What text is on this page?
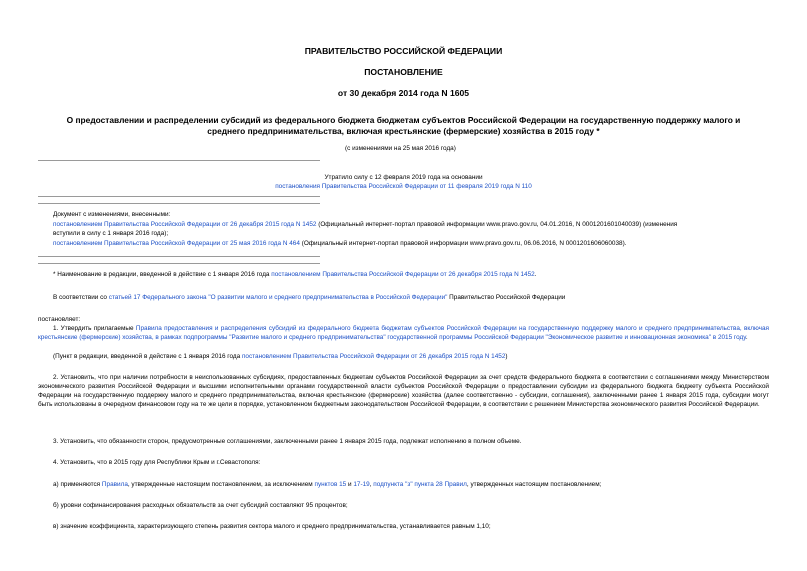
ПРАВИТЕЛЬСТВО РОССИЙСКОЙ ФЕДЕРАЦИИ
ПОСТАНОВЛЕНИЕ
от 30 декабря 2014 года N 1605
О предоставлении и распределении субсидий из федерального бюджета бюджетам субъектов Российской Федерации на государственную поддержку малого и
среднего предпринимательства, включая крестьянские (фермерские) хозяйства в 2015 году *
(с изменениями на 25 мая 2016 года)
Утратило силу с 12 февраля 2019 года на основании
постановления Правительства Российской Федерации от 11 февраля 2019 года N 110
Документ с изменениями, внесенными:
постановлением Правительства Российской Федерации от 26 декабря 2015 года N 1452 (Официальный интернет-портал правовой информации www.pravo.gov.ru, 04.01.2016, N 0001201601040039) (изменения
вступили в силу с 1 января 2016 года);
постановлением Правительства Российской Федерации от 25 мая 2016 года N 464 (Официальный интернет-портал правовой информации www.pravo.gov.ru, 06.06.2016, N 0001201606060038).
* Наименование в редакции, введенной в действие с 1 января 2016 года постановлением Правительства Российской Федерации от 26 декабря 2015 года N 1452.
В соответствии со статьей 17 Федерального закона "О развитии малого и среднего предпринимательства в Российской Федерации" Правительство Российской Федерации
постановляет:
1. Утвердить прилагаемые Правила предоставления и распределения субсидий из федерального бюджета бюджетам субъектов Российской Федерации на государственную поддержку малого и среднего предпринимательства, включая крестьянские (фермерские) хозяйства, в рамках подпрограммы "Развитие малого и среднего предпринимательства" государственной программы Российской Федерации "Экономическое развитие и инновационная экономика" в 2015 году.
(Пункт в редакции, введенной в действие с 1 января 2016 года постановлением Правительства Российской Федерации от 26 декабря 2015 года N 1452)
2. Установить, что при наличии потребности в неиспользованных субсидиях, предоставленных бюджетам субъектов Российской Федерации за счет средств федерального бюджета в соответствии с соглашениями между Министерством экономического развития Российской Федерации и высшими исполнительными органами государственной власти субъектов Российской Федерации о предоставлении субсидии из федерального бюджета бюджету субъекта Российской Федерации на государственную поддержку малого и среднего предпринимательства, включая крестьянские (фермерские) хозяйства (далее соответственно - субсидии, соглашения), заключенными ранее 1 января 2015 года, субсидии могут быть использованы в очередном финансовом году на те же цели в порядке, установленном бюджетным законодательством Российской Федерации, в соответствии с решением Министерства экономического развития Российской Федерации.
3. Установить, что обязанности сторон, предусмотренные соглашениями, заключенными ранее 1 января 2015 года, подлежат исполнению в полном объеме.
4. Установить, что в 2015 году для Республики Крым и г.Севастополя:
а) применяются Правила, утвержденные настоящим постановлением, за исключением пунктов 15 и 17-19, подпункта "з" пункта 28 Правил, утвержденных настоящим постановлением;
б) уровни софинансирования расходных обязательств за счет субсидий составляют 95 процентов;
в) значение коэффициента, характеризующего степень развития сектора малого и среднего предпринимательства, устанавливается равным 1,10;
